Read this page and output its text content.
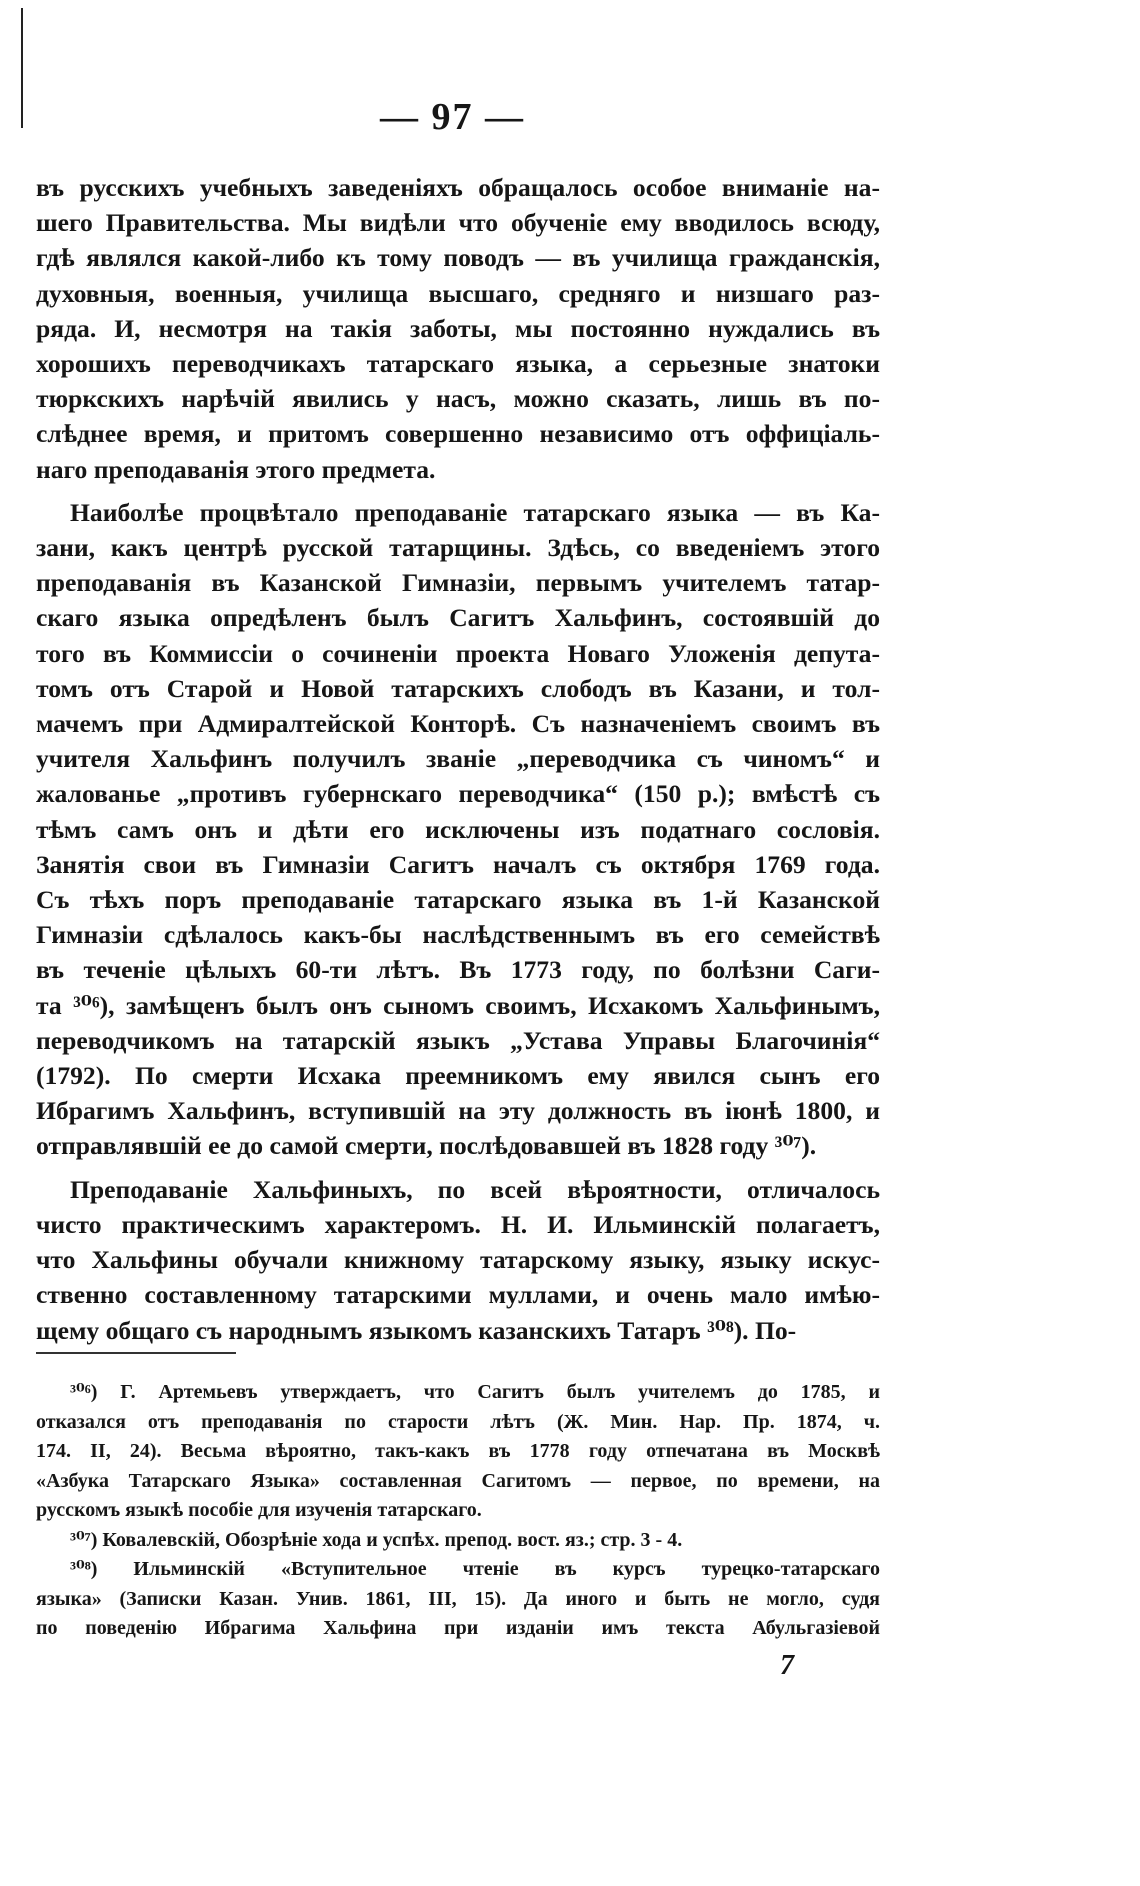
— 97 —
въ русскихъ учебныхъ заведеніяхъ обращалось особое вниманіе на-
шего Правительства. Мы видѣли что обученіе ему вводилось всюду,
гдѣ являлся какой-либо къ тому поводъ — въ училища гражданскія,
духовныя, военныя, училища высшаго, средняго и низшаго раз-
ряда. И, несмотря на такія заботы, мы постоянно нуждались въ
хорошихъ переводчикахъ татарскаго языка, а серьезные знатоки
тюркскихъ нарѣчій явились у насъ, можно сказать, лишь въ по-
слѣднее время, и притомъ совершенно независимо отъ оффиціаль-
наго преподаванія этого предмета.
Наиболѣе процвѣтало преподаваніе татарскаго языка — въ Ка-
зани, какъ центрѣ русской татарщины. Здѣсь, со введеніемъ этого
преподаванія въ Казанской Гимназіи, первымъ учителемъ татар-
скаго языка опредѣленъ былъ Сагитъ Хальфинъ, состоявшій до
того въ Коммиссіи о сочиненіи проекта Новаго Уложенія депута-
томъ отъ Старой и Новой татарскихъ слободъ въ Казани, и тол-
мачемъ при Адмиралтейской Конторѣ. Съ назначеніемъ своимъ въ
учителя Хальфинъ получилъ званіе „переводчика съ чиномъ“ и
жалованье „противъ губернскаго переводчика“ (150 р.); вмѣстѣ съ
тѣмъ самъ онъ и дѣти его исключены изъ податнаго сословія.
Занятія свои въ Гимназіи Сагитъ началъ съ октября 1769 года.
Съ тѣхъ поръ преподаваніе татарскаго языка въ 1-й Казанской
Гимназіи сдѣлалось какъ-бы наслѣдственнымъ въ его семействѣ
въ теченіе цѣлыхъ 60-ти лѣтъ. Въ 1773 году, по болѣзни Саги-
та ³⁰⁶), замѣщенъ былъ онъ сыномъ своимъ, Исхакомъ Хальфинымъ,
переводчикомъ на татарскій языкъ „Устава Управы Благочинія“
(1792). По смерти Исхака преемникомъ ему явился сынъ его
Ибрагимъ Хальфинъ, вступившій на эту должность въ іюнѣ 1800, и
отправлявшій ее до самой смерти, послѣдовавшей въ 1828 году ³⁰⁷).
Преподаваніе Хальфиныхъ, по всей вѣроятности, отличалось
чисто практическимъ характеромъ. Н. И. Ильминскій полагаетъ,
что Хальфины обучали книжному татарскому языку, языку искус-
ственно составленному татарскими муллами, и очень мало имѣю-
щему общаго съ народнымъ языкомъ казанскихъ Татаръ ³⁰⁸). По-
³⁰⁶) Г. Артемьевъ утверждаетъ, что Сагитъ былъ учителемъ до 1785, и
отказался отъ преподаванія по старости лѣтъ (Ж. Мин. Нар. Пр. 1874, ч.
174. II, 24). Весьма вѣроятно, такъ-какъ въ 1778 году отпечатана въ Москвѣ
«Азбука Татарскаго Языка» составленная Сагитомъ — первое, по времени, на
русскомъ языкѣ пособіе для изученія татарскаго.
³⁰⁷) Ковалевскій, Обозрѣніе хода и успѣх. препод. вост. яз.; стр. 3 - 4.
³⁰⁸) Ильминскій «Вступительное чтеніе въ курсъ турецко-татарскаго
языка» (Записки Казан. Унив. 1861, III, 15). Да иного и быть не могло, судя
по поведенію Ибрагима Хальфина при изданіи имъ текста Абульгазіевой
7
